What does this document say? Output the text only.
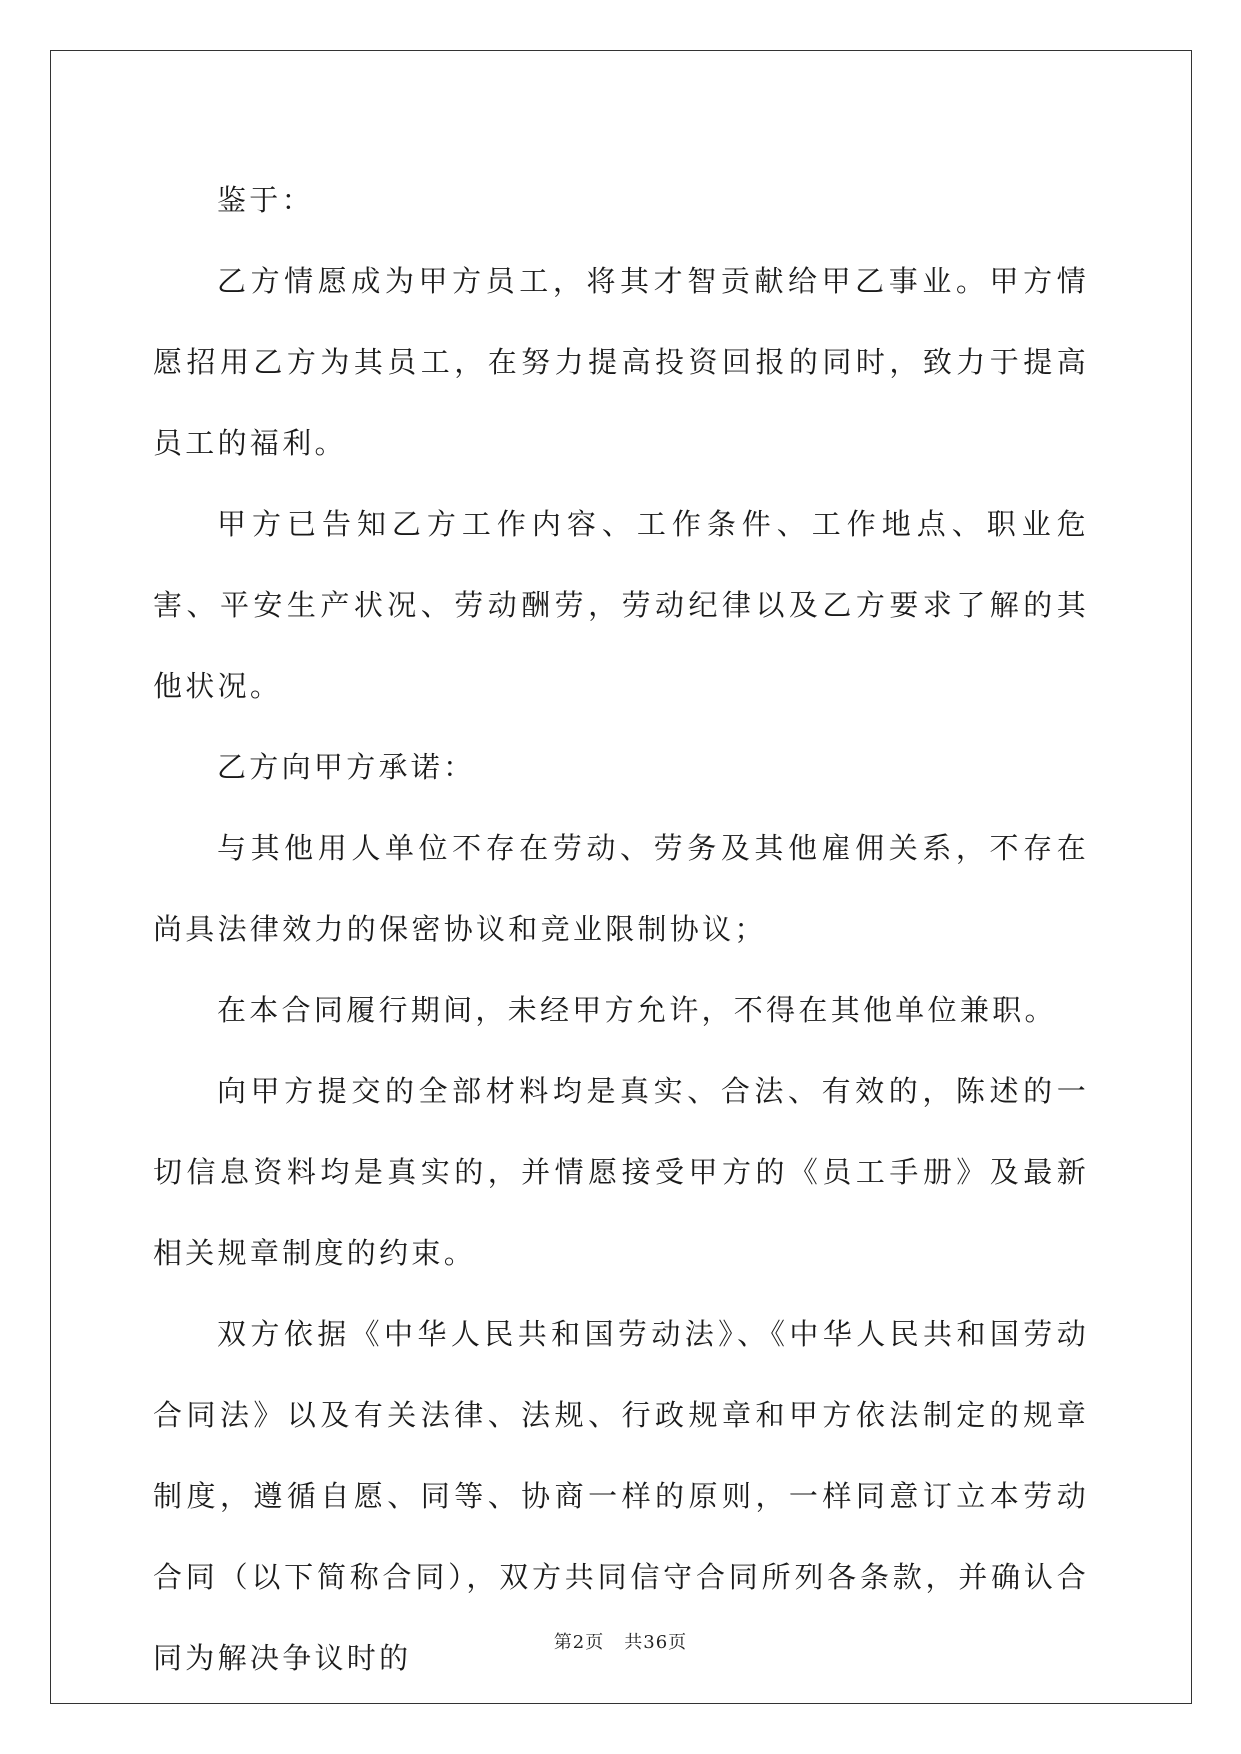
鉴于：

乙方情愿成为甲方员工，将其才智贡献给甲乙事业。甲方情愿招用乙方为其员工，在努力提高投资回报的同时，致力于提高员工的福利。

甲方已告知乙方工作内容、工作条件、工作地点、职业危害、平安生产状况、劳动酬劳，劳动纪律以及乙方要求了解的其他状况。

乙方向甲方承诺：

与其他用人单位不存在劳动、劳务及其他雇佣关系，不存在尚具法律效力的保密协议和竞业限制协议；

在本合同履行期间，未经甲方允许，不得在其他单位兼职。

向甲方提交的全部材料均是真实、合法、有效的，陈述的一切信息资料均是真实的，并情愿接受甲方的《员工手册》及最新相关规章制度的约束。

双方依据《中华人民共和国劳动法》、《中华人民共和国劳动合同法》以及有关法律、法规、行政规章和甲方依法制定的规章制度，遵循自愿、同等、协商一样的原则，一样同意订立本劳动合同（以下简称合同），双方共同信守合同所列各条款，并确认合同为解决争议时的	第2页 共36页
